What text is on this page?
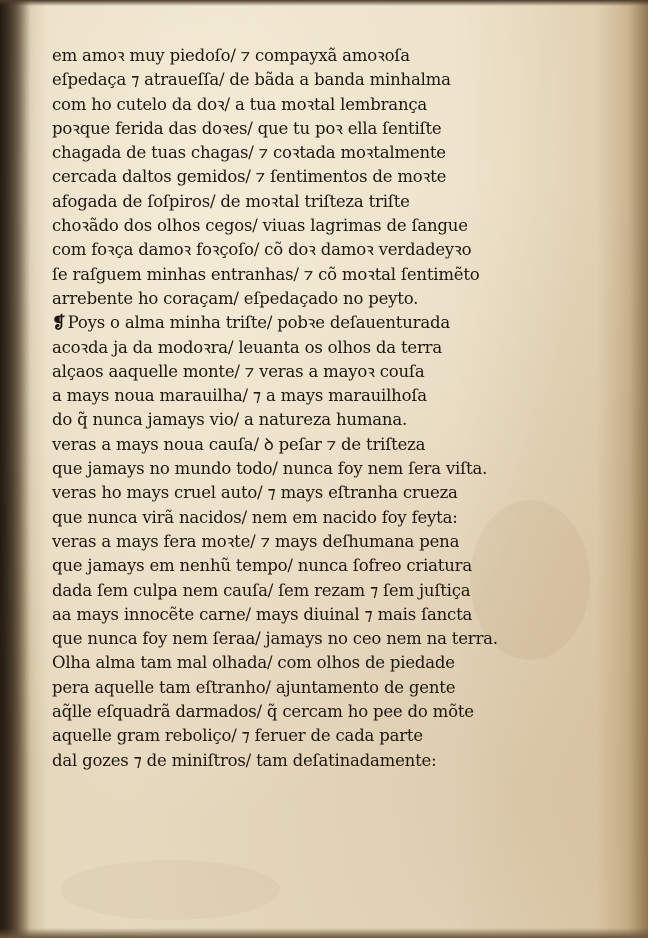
em amoꝛ muy piedoſo/ ⁊ compayxã amoꝛoſa
eſpedaça ⁊ atraueſſa/ de bãda a banda minhalma
com ho cutelo da doꝛ/ a tua moꝛtal lembrança
poꝛque ferida das doꝛes/ que tu poꝛ ella ſentiſte
chagada de tuas chagas/ ⁊ coꝛtada moꝛtalmente
cercada daltos gemidos/ ⁊ ſentimentos de moꝛte
afogada de ſoſpiros/ de moꝛtal triſteza triſte
choꝛãdo dos olhos cegos/ viuas lagrimas de ſangue
com foꝛça damoꝛ foꝛçoſo/ cõ doꝛ damoꝛ verdadeyꝛo
ſe raſguem minhas entranhas/ ⁊ cõ moꝛtal ſentimẽto
arrebente ho coraçam/ eſpedaçado no peyto.
❡ Poys o alma minha triſte/ pobꝛe deſauenturada
acoꝛda ja da modoꝛra/ leuanta os olhos da terra
alçaos aaquelle monte/ ⁊ veras a mayoꝛ couſa
a mays noua marauilha/ ⁊ a mays marauilhoſa
do q̃ nunca jamays vio/ a natureza humana.
veras a mays noua cauſa/ ꝺ peſar ⁊ de triſteza
que jamays no mundo todo/ nunca foy nem ſera viſta.
veras ho mays cruel auto/ ⁊ mays eſtranha crueza
que nunca virã nacidos/ nem em nacido foy feyta:
veras a mays fera moꝛte/ ⁊ mays deſhumana pena
que jamays em nenhũ tempo/ nunca ſofreo criatura
dada ſem culpa nem cauſa/ ſem rezam ⁊ ſem juſtiça
aa mays innocẽte carne/ mays diuinal ⁊ mais ſancta
que nunca foy nem ſeraa/ jamays no ceo nem na terra.
Olha alma tam mal olhada/ com olhos de piedade
pera aquelle tam eſtranho/ ajuntamento de gente
aq̃lle eſquadrã darmados/ q̃ cercam ho pee do mõte
aquelle gram reboliço/ ⁊ feruer de cada parte
dal gozes ⁊ de miniſtros/ tam deſatinadamente:
